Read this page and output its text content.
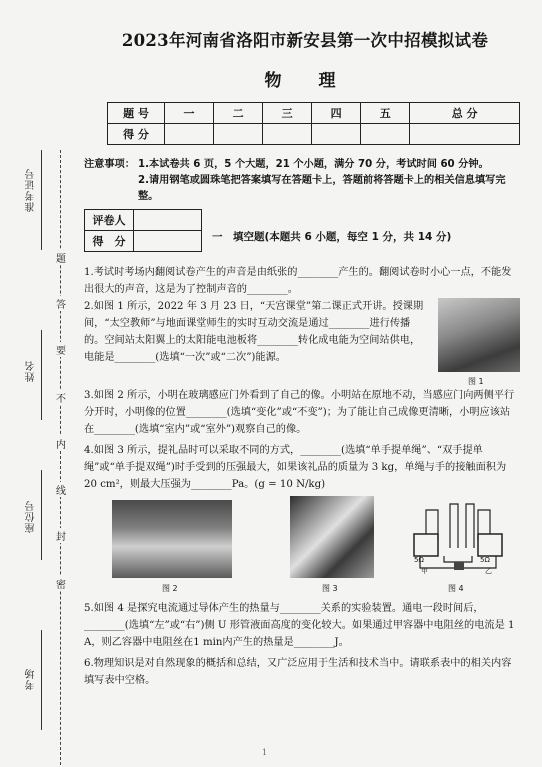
准考证号
姓名
座位号
考场
题
答
要
不
内
线
封
密
2023年河南省洛阳市新安县第一次中招模拟试卷
物　理
题 号	一	二	三	四	五	总 分
得 分						
注意事项： 1.本试卷共 6 页，5 个大题，21 个小题，满分 70 分，考试时间 60 分钟。
2.请用钢笔或圆珠笔把答案填写在答题卡上，答题前将答题卡上的相关信息填写完整。
评卷人	
得　分		一　填空题(本题共 6 小题，每空 1 分，共 14 分)
1.考试时考场内翻阅试卷产生的声音是由纸张的________产生的。翻阅试卷时小心一点，不能发出很大的声音，这是为了控制声音的________。
2.如图 1 所示，2022 年 3 月 23 日，“天宫课堂”第二课正式开讲。授课期间，“太空教师”与地面课堂师生的实时互动交流是通过________进行传播的。空间站太阳翼上的太阳能电池板将________转化成电能为空间站供电，电能是________(选填“一次”或“二次”)能源。
图 1
3.如图 2 所示，小明在玻璃感应门外看到了自己的像。小明站在原地不动，当感应门向两侧平行分开时，小明像的位置________(选填“变化”或“不变”)；为了能让自己成像更清晰，小明应该站在________(选填“室内”或“室外”)观察自己的像。
4.如图 3 所示，提礼品时可以采取不同的方式，________(选填“单手提单绳”、“双手提单绳”或“单手提双绳”)时手受到的压强最大，如果该礼品的质量为 3 kg，单绳与手的接触面积为 20 cm²，则最大压强为________Pa。(g = 10 N/kg)
图 2	图 3
5Ω	5Ω
甲	乙
图 4
5.如图 4 是探究电流通过导体产生的热量与________关系的实验装置。通电一段时间后，________(选填“左”或“右”)侧 U 形管液面高度的变化较大。如果通过甲容器中电阻丝的电流是 1 A，则乙容器中电阻丝在1 min内产生的热量是________J。
6.物理知识是对自然现象的概括和总结，又广泛应用于生活和技术当中。请联系表中的相关内容填写表中空格。
1
